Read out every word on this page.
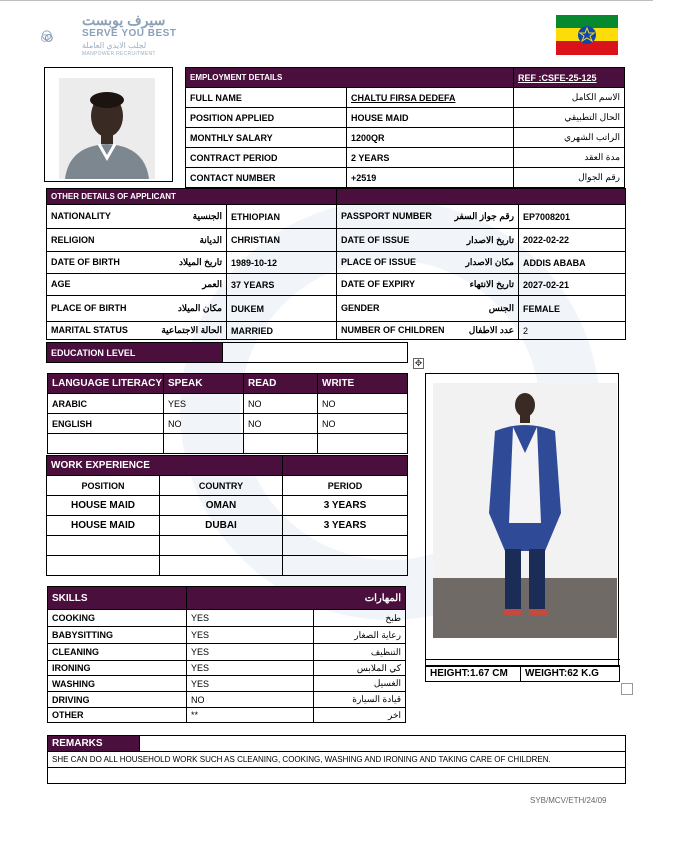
سيرف يوبست
SERVE YOU BEST
لجلب الايدي العاملة
MANPOWER RECRUITMENT
EMPLOYMENT DETAILS		REF :CSFE-25-125
FULL NAME	CHALTU FIRSA DEDEFA	الاسم الكامل
POSITION APPLIED	HOUSE MAID	الحال التطبيقي
MONTHLY SALARY	1200QR	الراتب الشهري
CONTRACT PERIOD	2 YEARS	مدة العقد
CONTACT NUMBER	+2519	رقم الجوال
OTHER DETAILS OF APPLICANT			
NATIONALITY الجنسية	ETHIOPIAN	PASSPORT NUMBER رقم جواز السفر	EP7008201
RELIGION الديانة	CHRISTIAN	DATE OF ISSUE تاريخ الاصدار	2022-02-22
DATE OF BIRTH تاريخ الميلاد	1989-10-12	PLACE OF ISSUE مكان الاصدار	ADDIS ABABA
AGE العمر	37 YEARS	DATE OF EXPIRY تاريخ الانتهاء	2027-02-21
PLACE OF BIRTH مكان الميلاد	DUKEM	GENDER الجنس	FEMALE
MARITAL STATUS الحالة الاجتماعية	MARRIED	NUMBER OF CHILDREN عدد الاطفال	2
EDUCATION LEVEL	
✥
LANGUAGE LITERACY	SPEAK	READ	WRITE
ARABIC	YES	NO	NO
ENGLISH	NO	NO	NO

WORK EXPERIENCE		
POSITION	COUNTRY	PERIOD
HOUSE MAID	OMAN	3 YEARS
HOUSE MAID	DUBAI	3 YEARS

HEIGHT:1.67 CM	WEIGHT:62 K.G
SKILLS	المهارات	
COOKING	YES	طبخ
BABYSITTING	YES	رعاية الصغار
CLEANING	YES	التنظيف
IRONING	YES	كي الملابس
WASHING	YES	الغسيل
DRIVING	NO	قيادة السيارة
OTHER	**	اخر
REMARKS	
SHE CAN DO ALL HOUSEHOLD WORK SUCH AS CLEANING, COOKING, WASHING AND IRONING AND TAKING CARE OF CHILDREN.

SYB/MCV/ETH/24/09
